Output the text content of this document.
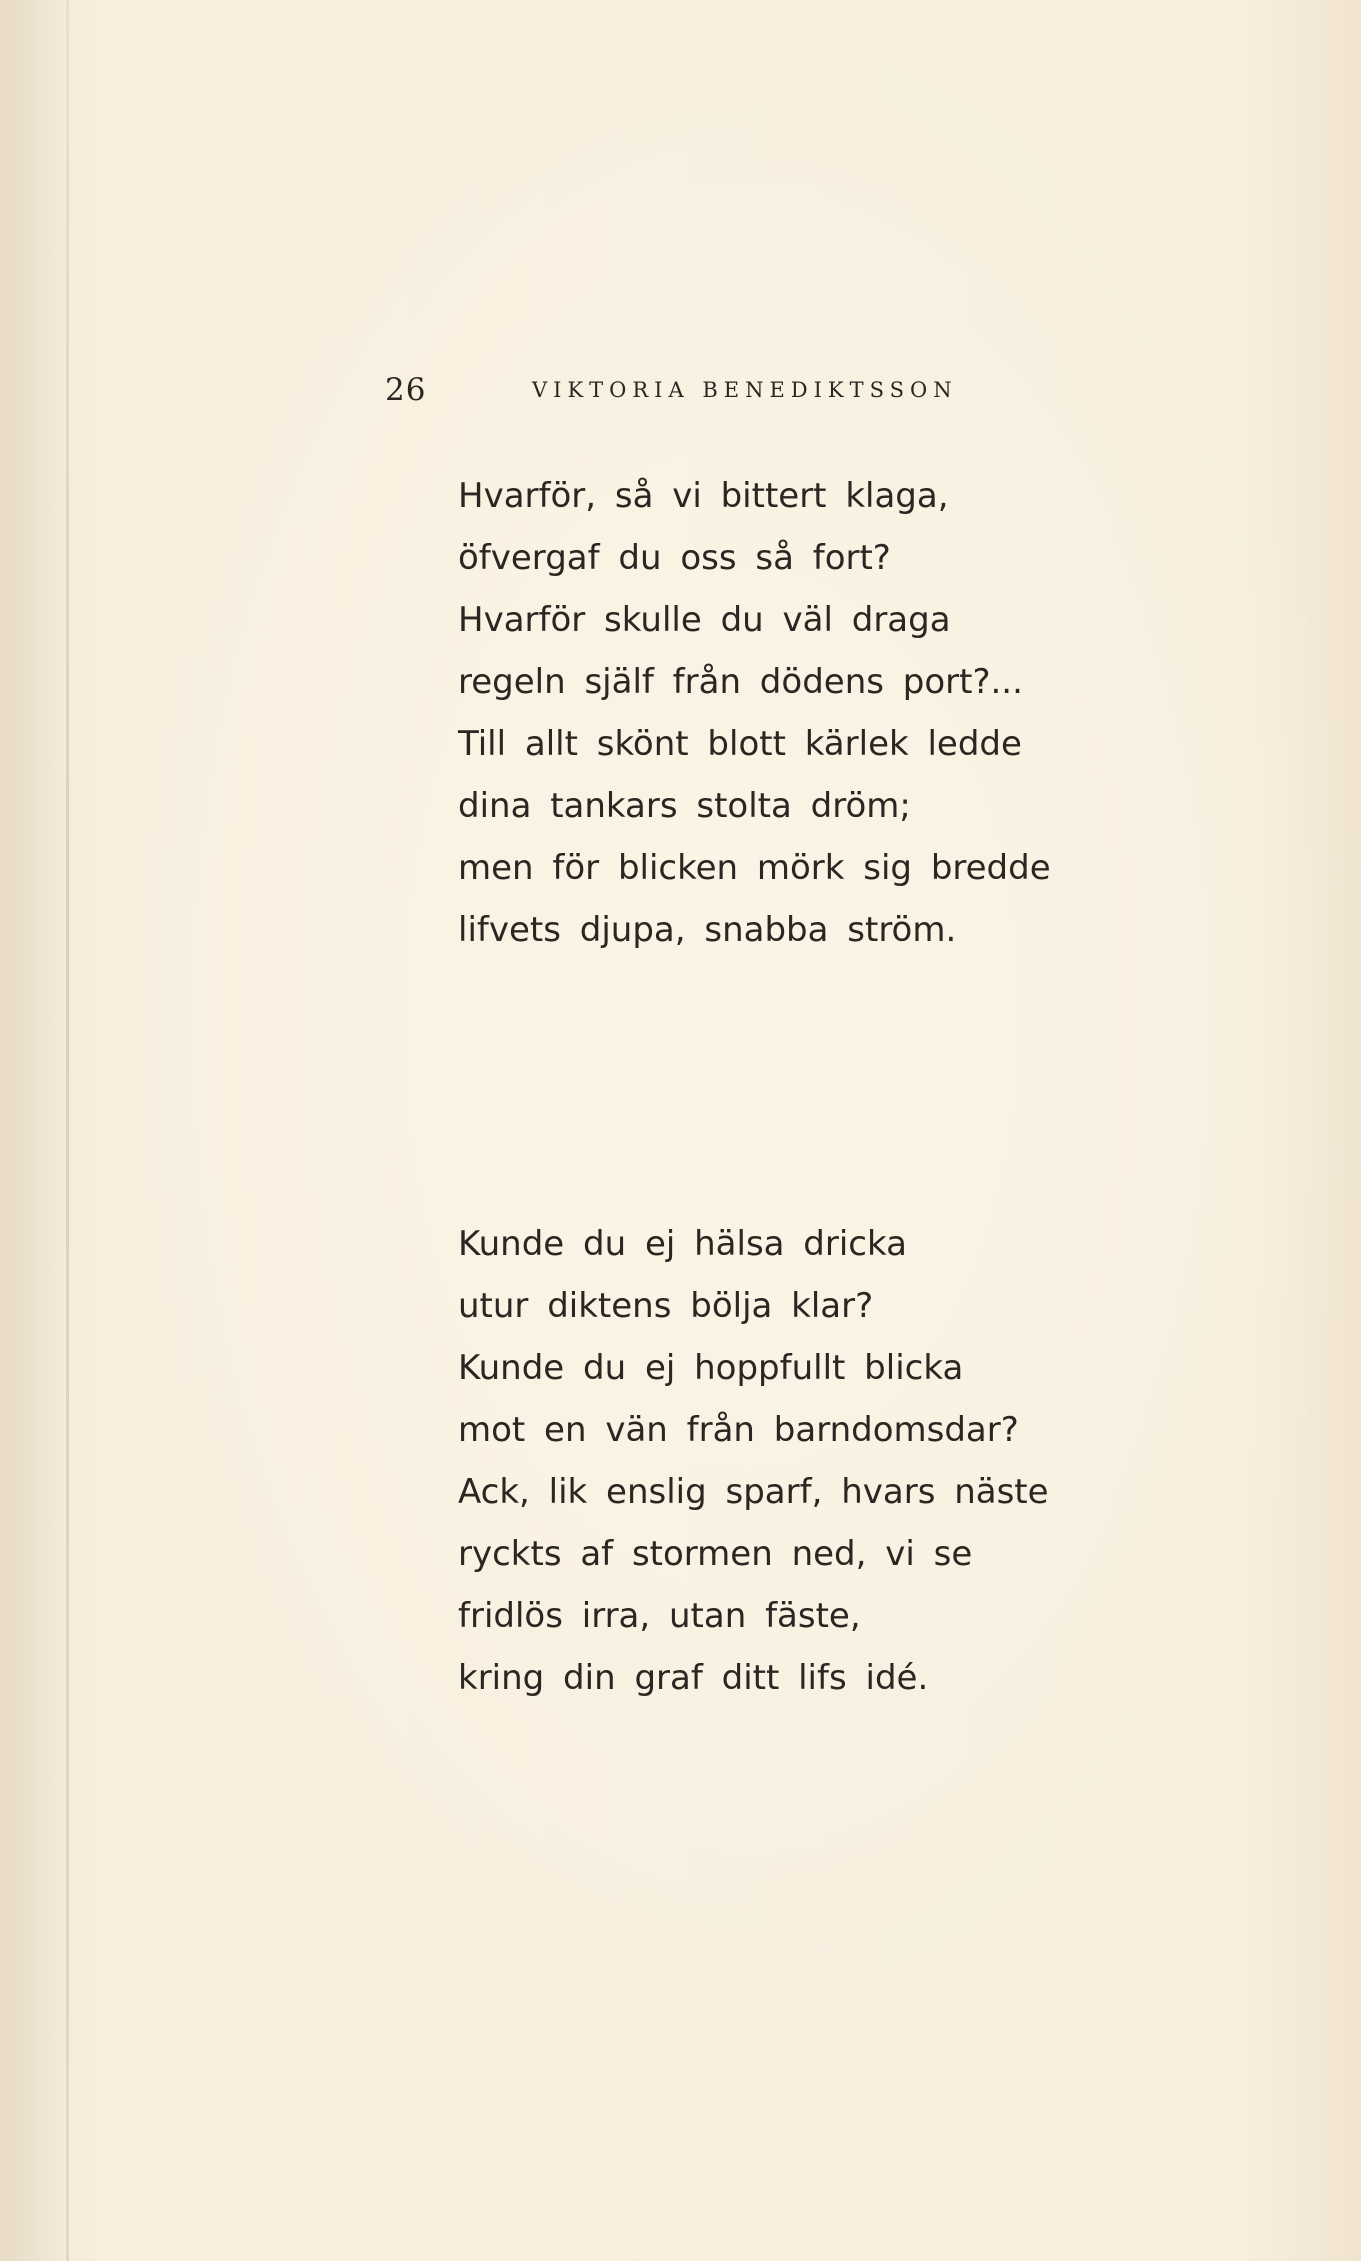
26	VIKTORIA BENEDIKTSSON
Hvarför, så vi bittert klaga,
öfvergaf du oss så fort?
Hvarför skulle du väl draga
regeln själf från dödens port?...
Till allt skönt blott kärlek ledde
dina tankars stolta dröm;
men för blicken mörk sig bredde
lifvets djupa, snabba ström.
Kunde du ej hälsa dricka
utur diktens bölja klar?
Kunde du ej hoppfullt blicka
mot en vän från barndomsdar?
Ack, lik enslig sparf, hvars näste
ryckts af stormen ned, vi se
fridlös irra, utan fäste,
kring din graf ditt lifs idé.
